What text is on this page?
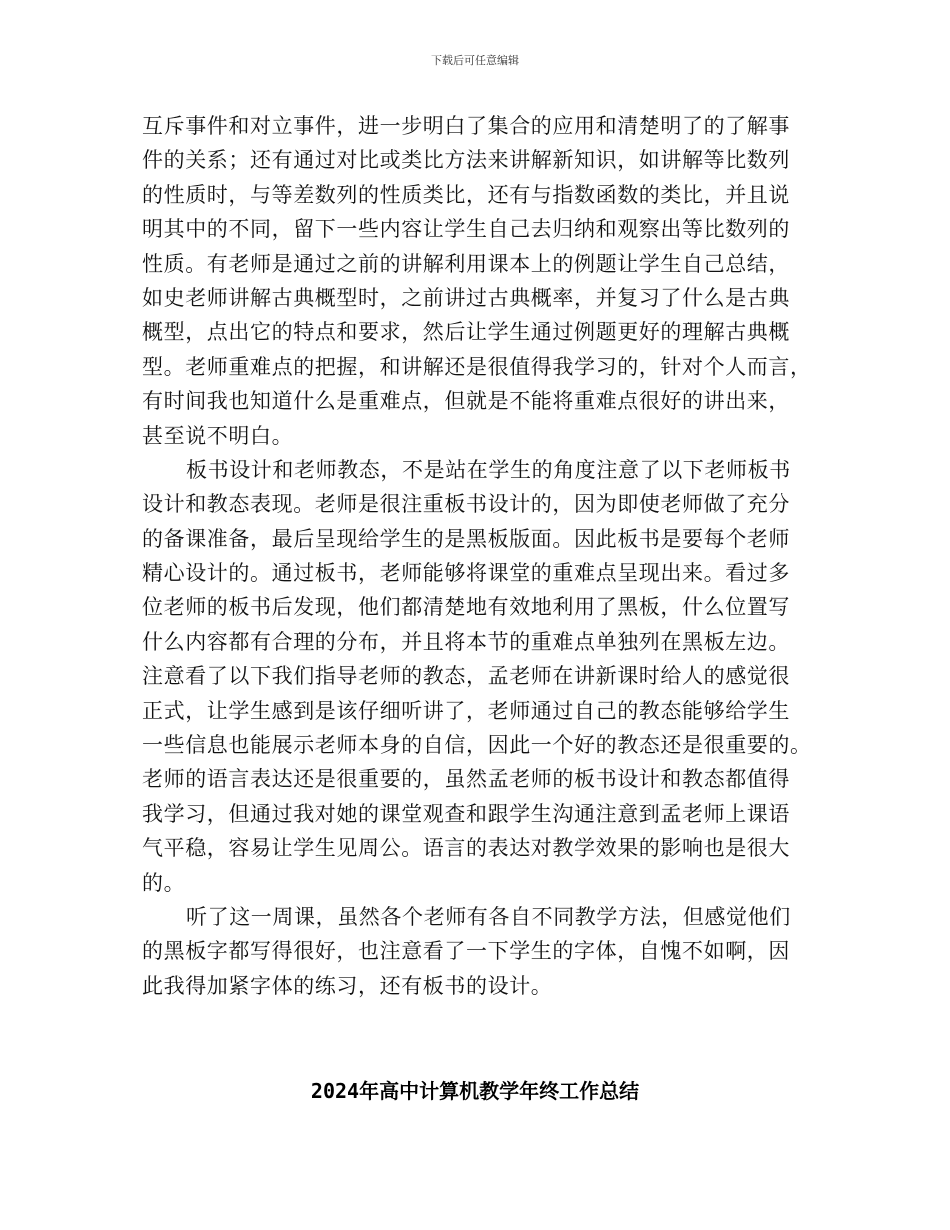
下载后可任意编辑
互斥事件和对立事件，进一步明白了集合的应用和清楚明了的了解事
件的关系；还有通过对比或类比方法来讲解新知识，如讲解等比数列
的性质时，与等差数列的性质类比，还有与指数函数的类比，并且说
明其中的不同，留下一些内容让学生自己去归纳和观察出等比数列的
性质。有老师是通过之前的讲解利用课本上的例题让学生自己总结，
如史老师讲解古典概型时，之前讲过古典概率，并复习了什么是古典
概型，点出它的特点和要求，然后让学生通过例题更好的理解古典概
型。老师重难点的把握，和讲解还是很值得我学习的，针对个人而言，
有时间我也知道什么是重难点，但就是不能将重难点很好的讲出来，
甚至说不明白。
板书设计和老师教态，不是站在学生的角度注意了以下老师板书
设计和教态表现。老师是很注重板书设计的，因为即使老师做了充分
的备课准备，最后呈现给学生的是黑板版面。因此板书是要每个老师
精心设计的。通过板书，老师能够将课堂的重难点呈现出来。看过多
位老师的板书后发现，他们都清楚地有效地利用了黑板，什么位置写
什么内容都有合理的分布，并且将本节的重难点单独列在黑板左边。
注意看了以下我们指导老师的教态，孟老师在讲新课时给人的感觉很
正式，让学生感到是该仔细听讲了，老师通过自己的教态能够给学生
一些信息也能展示老师本身的自信，因此一个好的教态还是很重要的。
老师的语言表达还是很重要的，虽然孟老师的板书设计和教态都值得
我学习，但通过我对她的课堂观查和跟学生沟通注意到孟老师上课语
气平稳，容易让学生见周公。语言的表达对教学效果的影响也是很大
的。
听了这一周课，虽然各个老师有各自不同教学方法，但感觉他们
的黑板字都写得很好，也注意看了一下学生的字体，自愧不如啊，因
此我得加紧字体的练习，还有板书的设计。
2024年高中计算机教学年终工作总结
